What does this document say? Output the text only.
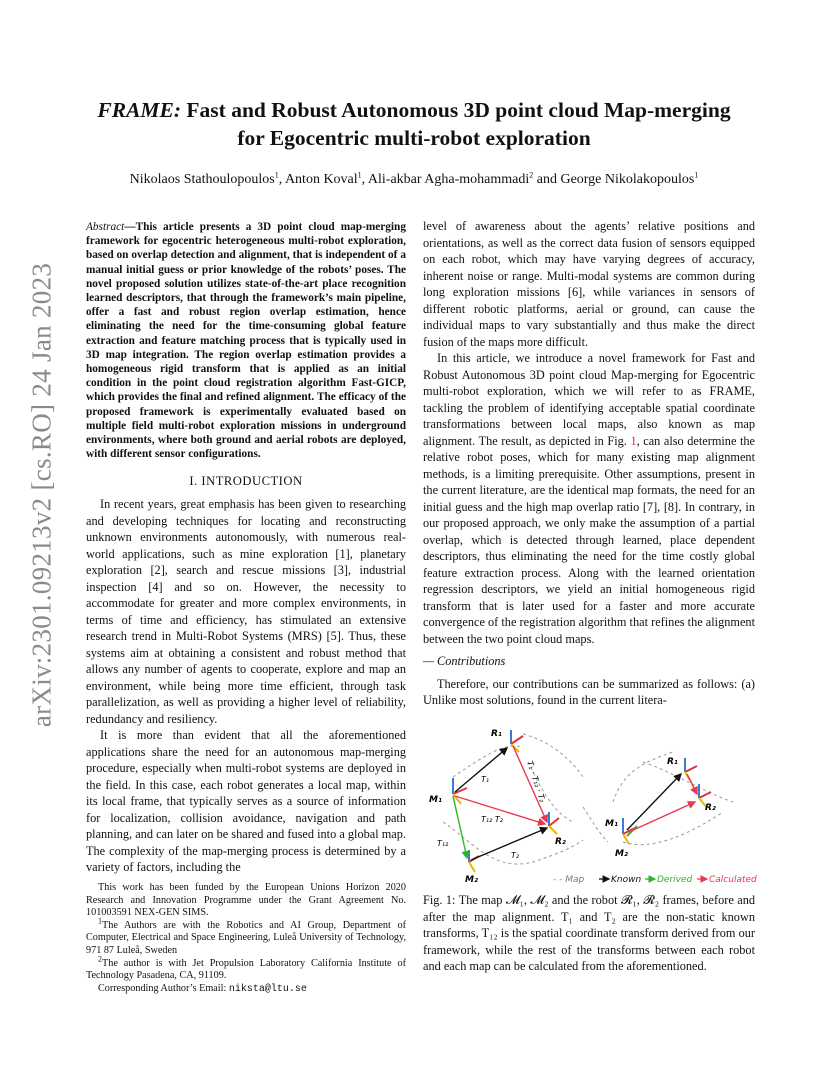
arXiv:2301.09213v2 [cs.RO] 24 Jan 2023
FRAME: Fast and Robust Autonomous 3D point cloud Map-merging
for Egocentric multi-robot exploration
Nikolaos Stathoulopoulos$^1$, Anton Koval$^1$, Ali-akbar Agha-mohammadi$^2$ and George Nikolakopoulos$^1$
Abstract—This article presents a 3D point cloud map-merging framework for egocentric heterogeneous multi-robot exploration, based on overlap detection and alignment, that is independent of a manual initial guess or prior knowledge of the robots’ poses. The novel proposed solution utilizes state-of-the-art place recognition learned descriptors, that through the framework’s main pipeline, offer a fast and robust region overlap estimation, hence eliminating the need for the time-consuming global feature extraction and feature matching process that is typically used in 3D map integration. The region overlap estimation provides a homogeneous rigid transform that is applied as an initial condition in the point cloud registration algorithm Fast-GICP, which provides the final and refined alignment. The efficacy of the proposed framework is experimentally evaluated based on multiple field multi-robot exploration missions in underground environments, where both ground and aerial robots are deployed, with different sensor configurations.
I. INTRODUCTION

In recent years, great emphasis has been given to researching and developing techniques for locating and reconstructing unknown environments autonomously, with numerous real-world applications, such as mine exploration [1], planetary exploration [2], search and rescue missions [3], industrial inspection [4] and so on. However, the necessity to accommodate for greater and more complex environments, in terms of time and efficiency, has stimulated an extensive research trend in Multi-Robot Systems (MRS) [5]. Thus, these systems aim at obtaining a consistent and robust method that allows any number of agents to cooperate, explore and map an environment, while being more time efficient, through task parallelization, as well as providing a higher level of reliability, redundancy and resiliency.

It is more than evident that all the aforementioned applications share the need for an autonomous map-merging procedure, especially when multi-robot systems are deployed in the field. In this case, each robot generates a local map, within its local frame, that typically serves as a source of information for localization, collision avoidance, navigation and path planning, and can later on be shared and fused into a global map. The complexity of the map-merging process is determined by a variety of factors, including the

This work has been funded by the European Unions Horizon 2020 Research and Innovation Programme under the Grant Agreement No. 101003591 NEX-GEN SIMS.

$^1$The Authors are with the Robotics and AI Group, Department of Computer, Electrical and Space Engineering, Luleå University of Technology, 971 87 Luleå, Sweden

$^2$The author is with Jet Propulsion Laboratory California Institute of Technology Pasadena, CA, 91109.

Corresponding Author’s Email: niksta@ltu.se

level of awareness about the agents’ relative positions and orientations, as well as the correct data fusion of sensors equipped on each robot, which may have varying degrees of accuracy, inherent noise or range. Multi-modal systems are common during long exploration missions [6], while variances in sensors of different robotic platforms, aerial or ground, can cause the individual maps to vary substantially and thus make the direct fusion of the maps more difficult.

In this article, we introduce a novel framework for Fast and Robust Autonomous 3D point cloud Map-merging for Egocentric multi-robot exploration, which we will refer to as FRAME, tackling the problem of identifying acceptable spatial coordinate transformations between local maps, also known as map alignment. The result, as depicted in Fig. 1, can also determine the relative robot poses, which for many existing map alignment methods, is a limiting prerequisite. Other assumptions, present in the current literature, are the identical map formats, the need for an initial guess and the high map overlap ratio [7], [8]. In contrary, in our proposed approach, we only make the assumption of a partial overlap, which is detected through learned, place dependent descriptors, thus eliminating the need for the time costly global feature extraction process. Along with the learned orientation regression descriptors, we yield an initial homogeneous rigid transform that is later used for a faster and more accurate convergence of the registration algorithm that refines the alignment between the two point cloud maps.

— Contributions

Therefore, our contributions can be summarized as follows: (a) Unlike most solutions, found in the current litera-

R₁
M₁
R₂
M₂
T₁
T₂
T₁₂
T₁₂ T₂
T₁ · T₁₂ · T₂	R₁
R₂
M₁
M₂
- - Map	Known Derived Calculated
Fig. 1: The map 𝓜₁, 𝓜₂ and the robot 𝓡₁, 𝓡₂ frames, before and after the map alignment. T₁ and T₂ are the non-static known transforms, T₁₂ is the spatial coordinate transform derived from our framework, while the rest of the transforms between each robot and each map can be calculated from the aforementioned.
